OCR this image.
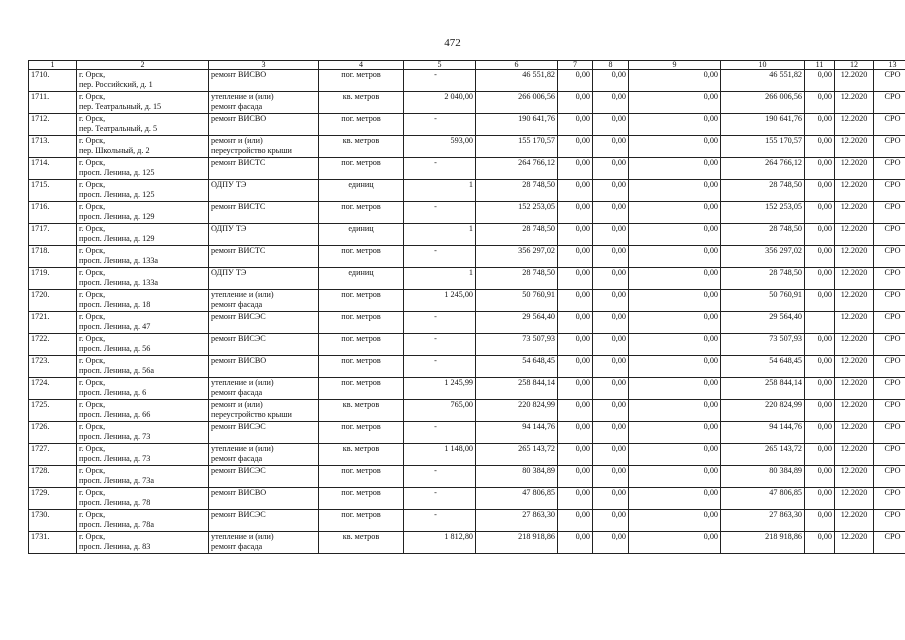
472
1	2	3	4	5	6	7	8	9	10	11	12	13
1710.	г. Орск,
пер. Российский, д. 1	ремонт ВИСВО	пог. метров	-	46 551,82	0,00	0,00	0,00	46 551,82	0,00	12.2020	СРО
1711.	г. Орск,
пер. Театральный, д. 15	утепление и (или)
ремонт фасада	кв. метров	2 040,00	266 006,56	0,00	0,00	0,00	266 006,56	0,00	12.2020	СРО
1712.	г. Орск,
пер. Театральный, д. 5	ремонт ВИСВО	пог. метров	-	190 641,76	0,00	0,00	0,00	190 641,76	0,00	12.2020	СРО
1713.	г. Орск,
пер. Школьный, д. 2	ремонт и (или)
переустройство крыши	кв. метров	593,00	155 170,57	0,00	0,00	0,00	155 170,57	0,00	12.2020	СРО
1714.	г. Орск,
просп. Ленина, д. 125	ремонт ВИСТС	пог. метров	-	264 766,12	0,00	0,00	0,00	264 766,12	0,00	12.2020	СРО
1715.	г. Орск,
просп. Ленина, д. 125	ОДПУ ТЭ	единиц	1	28 748,50	0,00	0,00	0,00	28 748,50	0,00	12.2020	СРО
1716.	г. Орск,
просп. Ленина, д. 129	ремонт ВИСТС	пог. метров	-	152 253,05	0,00	0,00	0,00	152 253,05	0,00	12.2020	СРО
1717.	г. Орск,
просп. Ленина, д. 129	ОДПУ ТЭ	единиц	1	28 748,50	0,00	0,00	0,00	28 748,50	0,00	12.2020	СРО
1718.	г. Орск,
просп. Ленина, д. 133а	ремонт ВИСТС	пог. метров	-	356 297,02	0,00	0,00	0,00	356 297,02	0,00	12.2020	СРО
1719.	г. Орск,
просп. Ленина, д. 133а	ОДПУ ТЭ	единиц	1	28 748,50	0,00	0,00	0,00	28 748,50	0,00	12.2020	СРО
1720.	г. Орск,
просп. Ленина, д. 18	утепление и (или)
ремонт фасада	пог. метров	1 245,00	50 760,91	0,00	0,00	0,00	50 760,91	0,00	12.2020	СРО
1721.	г. Орск,
просп. Ленина, д. 47	ремонт ВИСЭС	пог. метров	-	29 564,40	0,00	0,00	0,00	29 564,40		12.2020	СРО
1722.	г. Орск,
просп. Ленина, д. 56	ремонт ВИСЭС	пог. метров	-	73 507,93	0,00	0,00	0,00	73 507,93	0,00	12.2020	СРО
1723.	г. Орск,
просп. Ленина, д. 56а	ремонт ВИСВО	пог. метров	-	54 648,45	0,00	0,00	0,00	54 648,45	0,00	12.2020	СРО
1724.	г. Орск,
просп. Ленина, д. 6	утепление и (или)
ремонт фасада	пог. метров	1 245,99	258 844,14	0,00	0,00	0,00	258 844,14	0,00	12.2020	СРО
1725.	г. Орск,
просп. Ленина, д. 66	ремонт и (или)
переустройство крыши	кв. метров	765,00	220 824,99	0,00	0,00	0,00	220 824,99	0,00	12.2020	СРО
1726.	г. Орск,
просп. Ленина, д. 73	ремонт ВИСЭС	пог. метров	-	94 144,76	0,00	0,00	0,00	94 144,76	0,00	12.2020	СРО
1727.	г. Орск,
просп. Ленина, д. 73	утепление и (или)
ремонт фасада	кв. метров	1 148,00	265 143,72	0,00	0,00	0,00	265 143,72	0,00	12.2020	СРО
1728.	г. Орск,
просп. Ленина, д. 73а	ремонт ВИСЭС	пог. метров	-	80 384,89	0,00	0,00	0,00	80 384,89	0,00	12.2020	СРО
1729.	г. Орск,
просп. Ленина, д. 78	ремонт ВИСВО	пог. метров	-	47 806,85	0,00	0,00	0,00	47 806,85	0,00	12.2020	СРО
1730.	г. Орск,
просп. Ленина, д. 78а	ремонт ВИСЭС	пог. метров	-	27 863,30	0,00	0,00	0,00	27 863,30	0,00	12.2020	СРО
1731.	г. Орск,
просп. Ленина, д. 83	утепление и (или)
ремонт фасада	кв. метров	1 812,80	218 918,86	0,00	0,00	0,00	218 918,86	0,00	12.2020	СРО
